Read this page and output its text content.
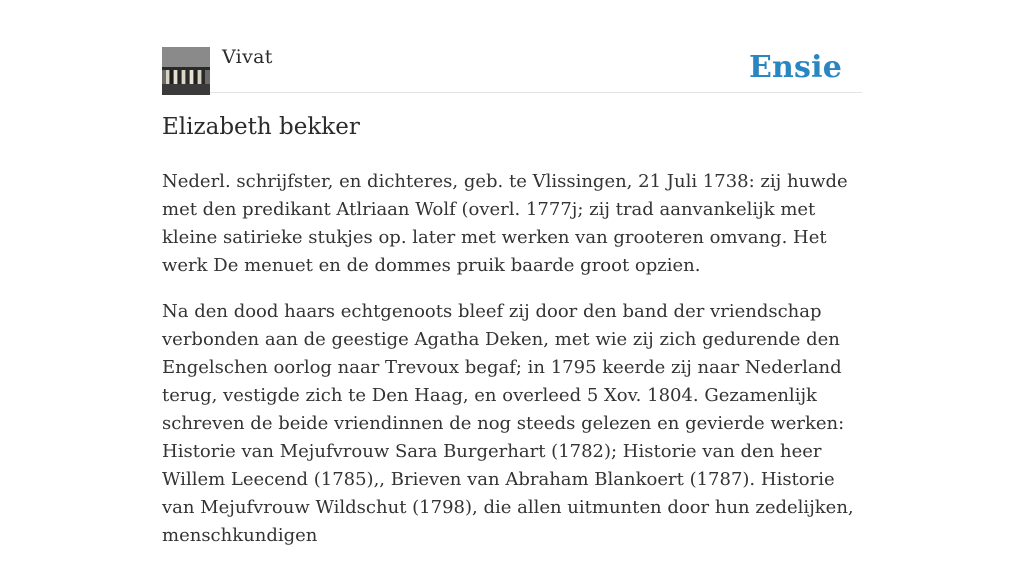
Vivat	Ensie
Elizabeth bekker

Nederl. schrijfster, en dichteres, geb. te Vlissingen, 21 Juli 1738: zij huwde met den predikant Atlriaan Wolf (overl. 1777j; zij trad aanvankelijk met kleine satirieke stukjes op. later met werken van grooteren omvang. Het werk De menuet en de dommes pruik baarde groot opzien.

Na den dood haars echtgenoots bleef zij door den band der vriendschap verbonden aan de geestige Agatha Deken, met wie zij zich gedurende den Engelschen oorlog naar Trevoux begaf; in 1795 keerde zij naar Nederland terug, vestigde zich te Den Haag, en overleed 5 Xov. 1804. Gezamenlijk schreven de beide vriendinnen de nog steeds gelezen en gevierde werken: Historie van Mejufvrouw Sara Burgerhart (1782); Historie van den heer Willem Leecend (1785),, Brieven van Abraham Blankoert (1787). Historie van Mejufvrouw Wildschut (1798), die allen uitmunten door hun zedelijken, menschkundigen
